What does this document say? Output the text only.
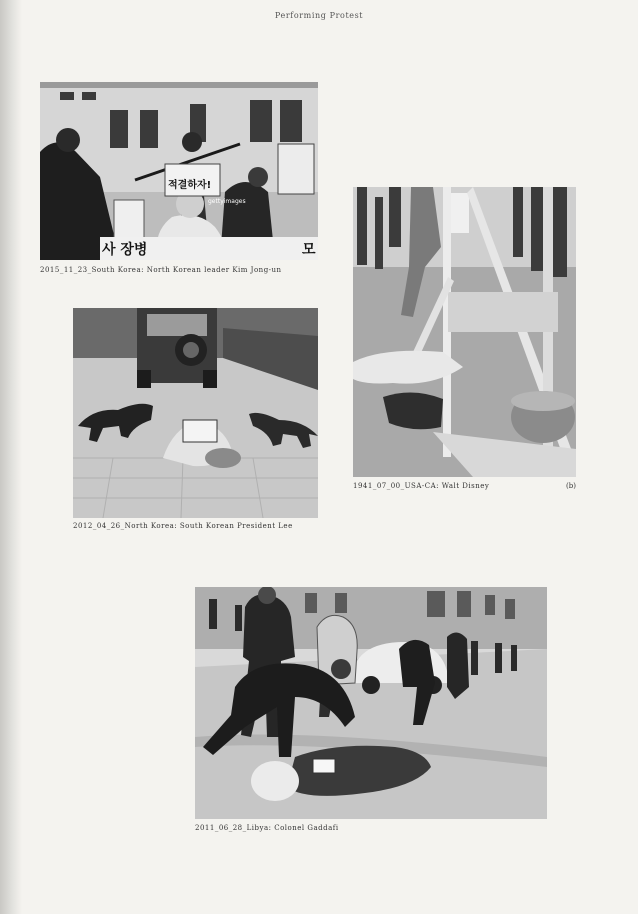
Performing Protest
적결하자!
사 장병	모
gettyimages
2015_11_23_South Korea: North Korean leader Kim Jong-un
2012_04_26_North Korea: South Korean President Lee
1941_07_00_USA-CA: Walt Disney	(b)
2011_06_28_Libya: Colonel Gaddafi
